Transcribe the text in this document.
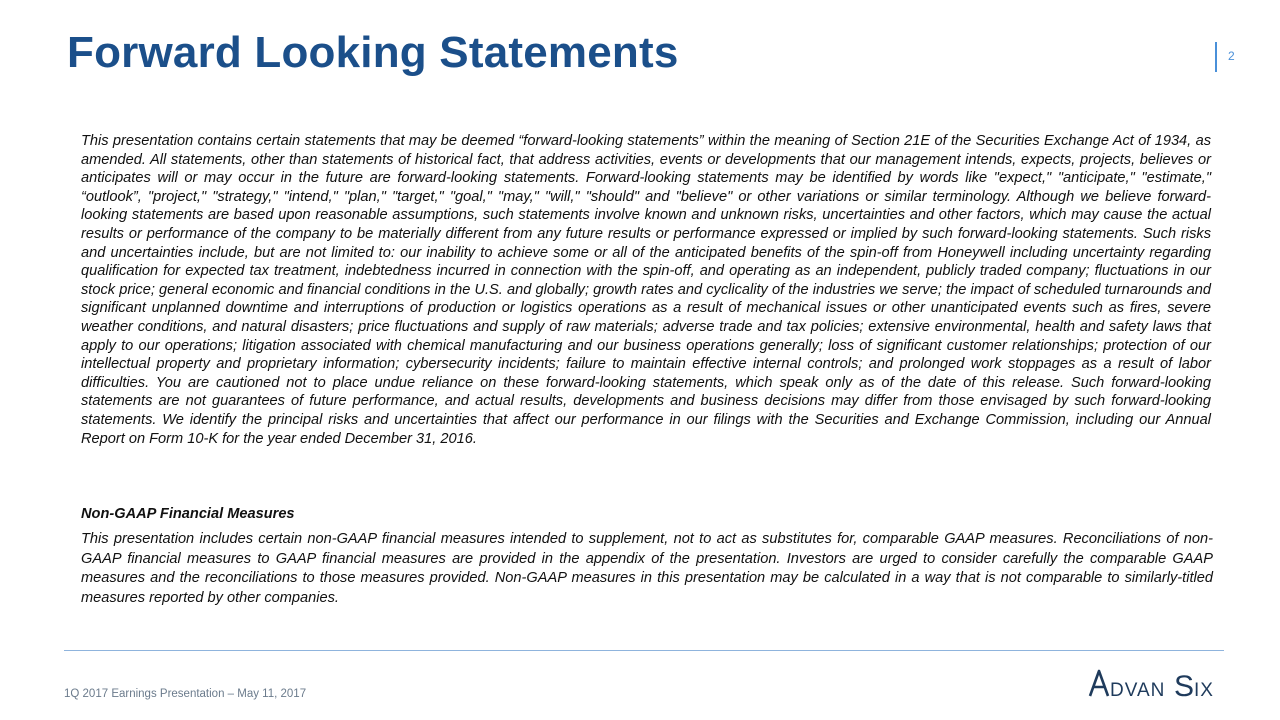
Forward Looking Statements	2

This presentation contains certain statements that may be deemed “forward-looking statements” within the meaning of Section 21E of the Securities Exchange Act of 1934, as amended. All statements, other than statements of historical fact, that address activities, events or developments that our management intends, expects, projects, believes or anticipates will or may occur in the future are forward-looking statements. Forward-looking statements may be identified by words like "expect," "anticipate," "estimate," “outlook”, "project," "strategy," "intend," "plan," "target," "goal," "may," "will," "should" and "believe" or other variations or similar terminology. Although we believe forward-looking statements are based upon reasonable assumptions, such statements involve known and unknown risks, uncertainties and other factors, which may cause the actual results or performance of the company to be materially different from any future results or performance expressed or implied by such forward-looking statements. Such risks and uncertainties include, but are not limited to: our inability to achieve some or all of the anticipated benefits of the spin-off from Honeywell including uncertainty regarding qualification for expected tax treatment, indebtedness incurred in connection with the spin-off, and operating as an independent, publicly traded company; fluctuations in our stock price; general economic and financial conditions in the U.S. and globally; growth rates and cyclicality of the industries we serve; the impact of scheduled turnarounds and significant unplanned downtime and interruptions of production or logistics operations as a result of mechanical issues or other unanticipated events such as fires, severe weather conditions, and natural disasters; price fluctuations and supply of raw materials; adverse trade and tax policies; extensive environmental, health and safety laws that apply to our operations; litigation associated with chemical manufacturing and our business operations generally; loss of significant customer relationships; protection of our intellectual property and proprietary information; cybersecurity incidents; failure to maintain effective internal controls; and prolonged work stoppages as a result of labor difficulties. You are cautioned not to place undue reliance on these forward-looking statements, which speak only as of the date of this release. Such forward-looking statements are not guarantees of future performance, and actual results, developments and business decisions may differ from those envisaged by such forward-looking statements. We identify the principal risks and uncertainties that affect our performance in our filings with the Securities and Exchange Commission, including our Annual Report on Form 10-K for the year ended December 31, 2016.

Non-GAAP Financial Measures

This presentation includes certain non-GAAP financial measures intended to supplement, not to act as substitutes for, comparable GAAP measures. Reconciliations of non-GAAP financial measures to GAAP financial measures are provided in the appendix of the presentation. Investors are urged to consider carefully the comparable GAAP measures and the reconciliations to those measures provided. Non-GAAP measures in this presentation may be calculated in a way that is not comparable to similarly-titled measures reported by other companies.

1Q 2017 Earnings Presentation – May 11, 2017	DVAN S IX
